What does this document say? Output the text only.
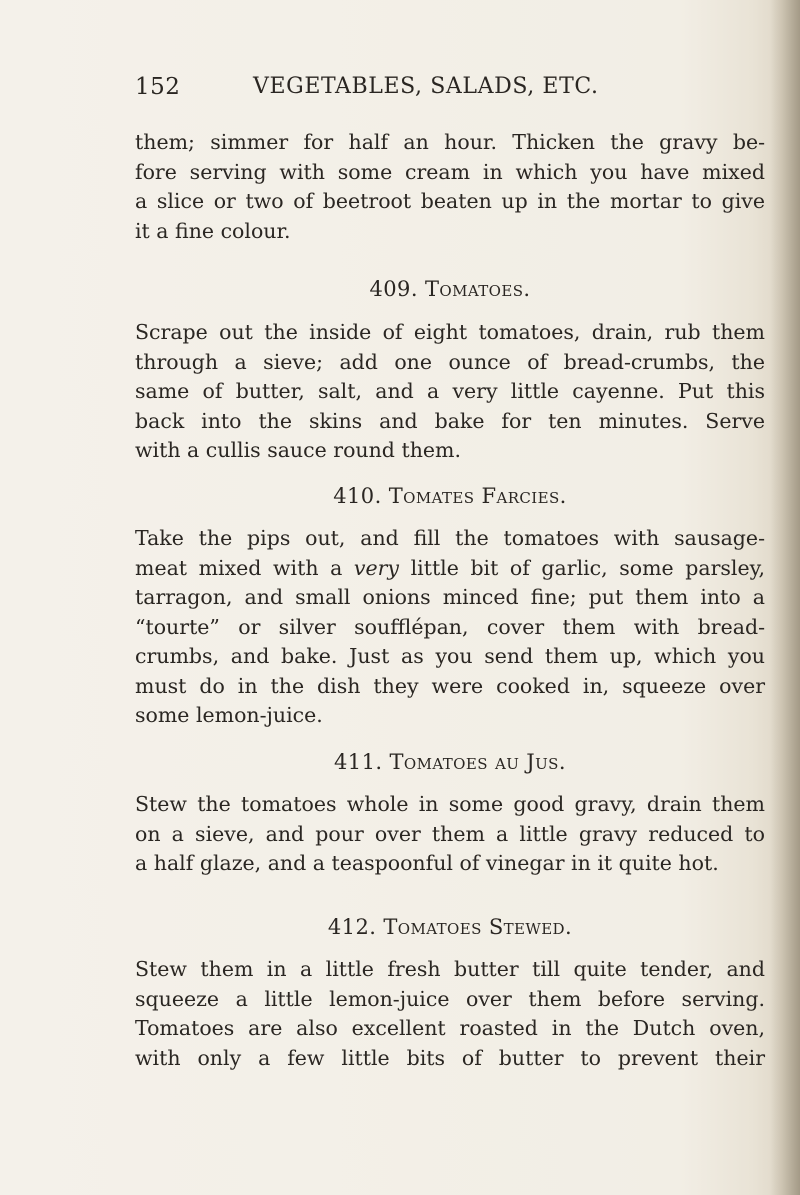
152	VEGETABLES, SALADS, ETC.

them; simmer for half an hour. Thicken the gravy be-
fore serving with some cream in which you have mixed
a slice or two of beetroot beaten up in the mortar to give
it a fine colour.

409. Tomatoes.

Scrape out the inside of eight tomatoes, drain, rub them
through a sieve; add one ounce of bread-crumbs, the
same of butter, salt, and a very little cayenne. Put this
back into the skins and bake for ten minutes. Serve
with a cullis sauce round them.

410. Tomates Farcies.

Take the pips out, and fill the tomatoes with sausage-
meat mixed with a very little bit of garlic, some parsley,
tarragon, and small onions minced fine; put them into a
“tourte” or silver soufflépan, cover them with bread-
crumbs, and bake. Just as you send them up, which you
must do in the dish they were cooked in, squeeze over
some lemon-juice.

411. Tomatoes au Jus.

Stew the tomatoes whole in some good gravy, drain them
on a sieve, and pour over them a little gravy reduced to
a half glaze, and a teaspoonful of vinegar in it quite hot.

412. Tomatoes Stewed.

Stew them in a little fresh butter till quite tender, and
squeeze a little lemon-juice over them before serving.
Tomatoes are also excellent roasted in the Dutch oven,
with only a few little bits of butter to prevent their
